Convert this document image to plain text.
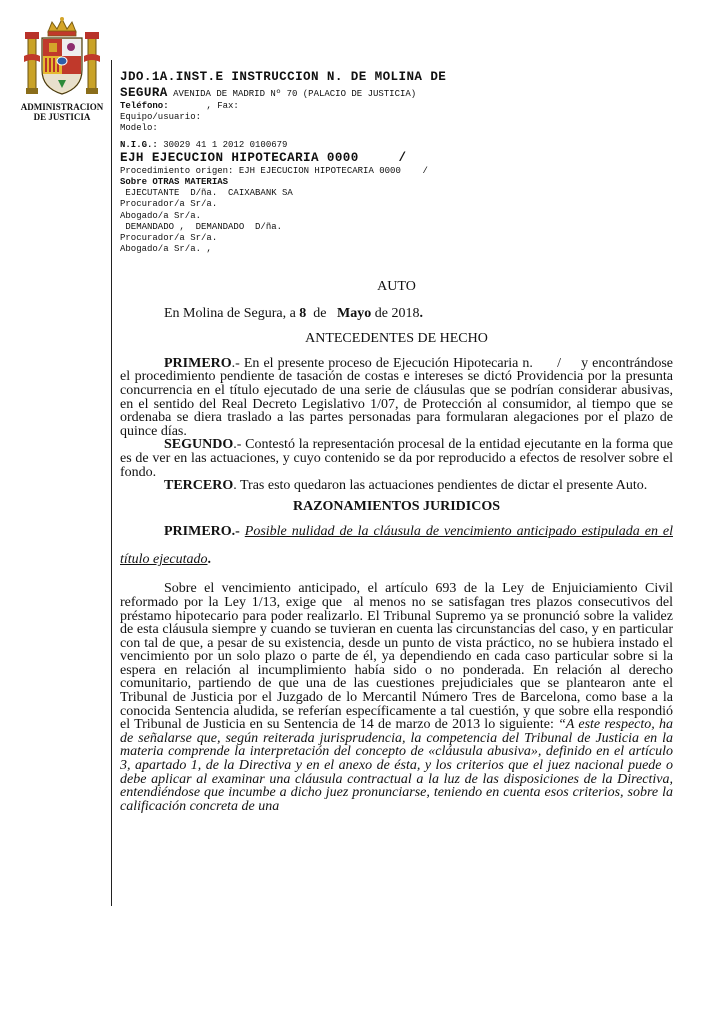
ADMINISTRACION
DE JUSTICIA
JDO.1A.INST.E INSTRUCCION N. DE MOLINA DE
SEGURA AVENIDA DE MADRID Nº 70 (PALACIO DE JUSTICIA)
Teléfono:       , Fax:
Equipo/usuario:
Modelo:
N.I.G.: 30029 41 1 2012 0100679
EJH EJECUCION HIPOTECARIA 0000     /
Procedimiento origen: EJH EJECUCION HIPOTECARIA 0000    /
Sobre OTRAS MATERIAS
EJECUTANTE  D/ña.  CAIXABANK SA
Procurador/a Sr/a.
Abogado/a Sr/a.
DEMANDADO ,  DEMANDADO  D/ña.
Procurador/a Sr/a.
Abogado/a Sr/a. ,
AUTO
En Molina de Segura, a 8  de   Mayo de 2018.
ANTECEDENTES DE HECHO

PRIMERO.- En el presente proceso de Ejecución Hipotecaria n.      /     y encontrándose el procedimiento pendiente de tasación de costas e intereses se dictó Providencia por la presunta concurrencia en el título ejecutado de una serie de cláusulas que se podrían considerar abusivas, en el sentido del Real Decreto Legislativo 1/07, de Protección al consumidor, al tiempo que se ordenaba se diera traslado a las partes personadas para formularan alegaciones por el plazo de quince días.

SEGUNDO.- Contestó la representación procesal de la entidad ejecutante en la forma que es de ver en las actuaciones, y cuyo contenido se da por reproducido a efectos de resolver sobre el fondo.

TERCERO. Tras esto quedaron las actuaciones pendientes de dictar el presente Auto.

RAZONAMIENTOS JURIDICOS

PRIMERO.- Posible nulidad de la cláusula de vencimiento anticipado estipulada en el título ejecutado.

Sobre el vencimiento anticipado, el artículo 693 de la Ley de Enjuiciamiento Civil reformado por la Ley 1/13, exige que  al menos no se satisfagan tres plazos consecutivos del préstamo hipotecario para poder realizarlo. El Tribunal Supremo ya se pronunció sobre la validez de esta cláusula siempre y cuando se tuvieran en cuenta las circunstancias del caso, y en particular con tal de que, a pesar de su existencia, desde un punto de vista práctico, no se hubiera instado el vencimiento por un solo plazo o parte de él, ya dependiendo en cada caso particular sobre si la espera en relación al incumplimiento había sido o no ponderada. En relación al derecho comunitario, partiendo de que una de las cuestiones prejudiciales que se plantearon ante el Tribunal de Justicia por el Juzgado de lo Mercantil Número Tres de Barcelona, como base a la conocida Sentencia aludida, se referían específicamente a tal cuestión, y que sobre ella respondió el Tribunal de Justicia en su Sentencia de 14 de marzo de 2013 lo siguiente: “A este respecto, ha de señalarse que, según reiterada jurisprudencia, la competencia del Tribunal de Justicia en la materia comprende la interpretación del concepto de «cláusula abusiva», definido en el artículo 3, apartado 1, de la Directiva y en el anexo de ésta, y los criterios que el juez nacional puede o debe aplicar al examinar una cláusula contractual a la luz de las disposiciones de la Directiva, entendiéndose que incumbe a dicho juez pronunciarse, teniendo en cuenta esos criterios, sobre la calificación concreta de una
